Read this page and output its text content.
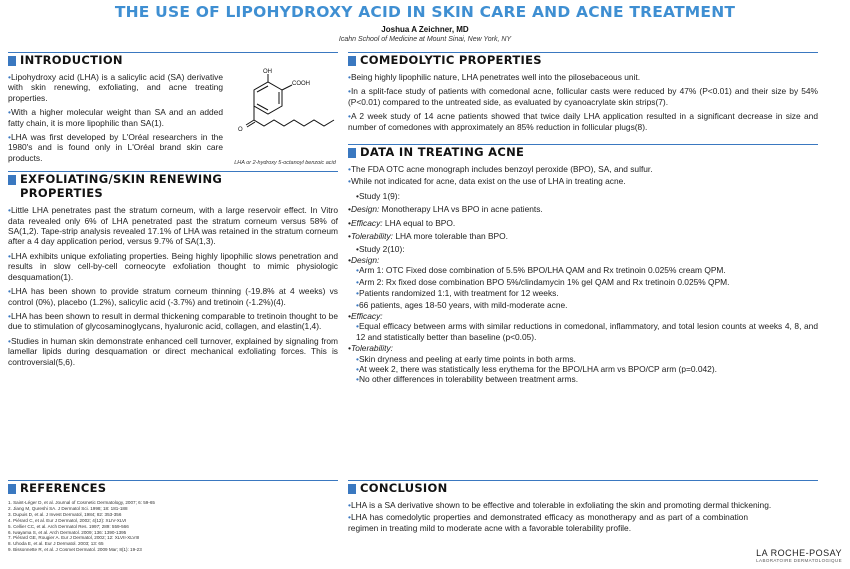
THE USE OF LIPOHYDROXY ACID IN SKIN CARE AND ACNE TREATMENT
Joshua A Zeichner, MD
Icahn School of Medicine at Mount Sinai, New York, NY
INTRODUCTION

• Lipohydroxy acid (LHA) is a salicylic acid (SA) derivative with skin renewing, exfoliating, and acne treating properties.

• With a higher molecular weight than SA and an added fatty chain, it is more lipophilic than SA(1).

• LHA was first developed by L'Oréal researchers in the 1980's and is found only in L'Oréal brand skin care products.

EXFOLIATING/SKIN RENEWING
PROPERTIES

• Little LHA penetrates past the stratum corneum, with a large reservoir effect. In Vitro data revealed only 6% of LHA penetrated past the stratum corneum versus 58% of SA(1,2). Tape-strip analysis revealed 17.1% of LHA was retained in the stratum corneum after a 4 day application period, versus 9.7% of SA(1,3).

• LHA exhibits unique exfoliating properties. Being highly lipophilic slows penetration and results in slow cell-by-cell corneocyte exfoliation thought to mimic physiologic desquamation(1).

• LHA has been shown to provide stratum corneum thinning (-19.8% at 4 weeks) vs control (0%), placebo (1.2%), salicylic acid (-3.7%) and tretinoin (-1.2%)(4).

• LHA has been shown to result in dermal thickening comparable to tretinoin thought to be due to stimulation of glycosaminoglycans, hyaluronic acid, collagen, and elastin(1,4).

• Studies in human skin demonstrate enhanced cell turnover, explained by signaling from lamellar lipids during desquamation or direct mechanical exfoliating forces. This is controversial(5,6).

REFERENCES
1. Saint-Léger D, et al. Journal of Cosmetic Dermatology, 2007; 6: 59-65
2. Jiang M, Qureshi SA. J Dermatol Sci. 1998; 18: 181-188
3. Dupuis D, et al. J Invest Dermatol, 1984; 82: 353-356
4. Piérard C, et al. Eur J Dermatol, 2002; 4(12): XLIV-XLVI
5. Cellier CC, et al. Arch Dermatol Res. 1997; 289: 559-566
6. Iwayama S, et al. Arch Dermatol. 2009; 136: 1390-1395
7. Piérard GE, Rougier A. Eur J Dermatol, 2002; 12: XLVII-XLVIII
8. Uhoda E, et al. Eur J Dermatol. 2003; 13: 65
9. Bissonnette R, et al. J Cosmet Dermatol. 2009 Mar; 8(1): 19-23
OH
COOH
O
LHA or 2-hydroxy 5-octanoyl benzoic acid
COMEDOLYTIC PROPERTIES

• Being highly lipophilic nature, LHA penetrates well into the pilosebaceous unit.

• In a split-face study of patients with comedonal acne, follicular casts were reduced by 47% (P<0.01) and their size by 54% (P<0.01) compared to the untreated side, as evaluated by cyanoacrylate skin strips(7).

• A 2 week study of 14 acne patients showed that twice daily LHA application resulted in a significant decrease in size and number of comedones with approximately an 85% reduction in follicular plugs(8).

DATA IN TREATING ACNE

• The FDA OTC acne monograph includes benzoyl peroxide (BPO), SA, and sulfur.

• While not indicated for acne, data exist on the use of LHA in treating acne.

•Study 1(9):

•Design: Monotherapy LHA vs BPO in acne patients.

•Efficacy: LHA equal to BPO.

•Tolerability: LHA more tolerable than BPO.

•Study 2(10):

•Design:

• Arm 1: OTC Fixed dose combination of 5.5% BPO/LHA QAM and Rx tretinoin 0.025% cream QPM.

• Arm 2: Rx fixed dose combination BPO 5%/clindamycin 1% gel QAM and Rx tretinoin 0.025% QPM.

• Patients randomized 1:1, with treatment for 12 weeks.

• 66 patients, ages 18-50 years, with mild-moderate acne.

•Efficacy:

• Equal efficacy between arms with similar reductions in comedonal, inflammatory, and total lesion counts at weeks 4, 8, and 12 and statistically better than baseline (p<0.05).

•Tolerability:

• Skin dryness and peeling at early time points in both arms.

• At week 2, there was statistically less erythema for the BPO/LHA arm vs BPO/CP arm (p=0.042).

• No other differences in tolerability between treatment arms.

CONCLUSION

• LHA is a SA derivative shown to be effective and tolerable in exfoliating the skin and promoting dermal thickening.

• LHA has comedolytic properties and demonstrated efficacy as monotherapy and as part of a combination regimen in treating mild to moderate acne with a favorable tolerability profile.

LA ROCHE-POSAY
LABORATOIRE DERMATOLOGIQUE
